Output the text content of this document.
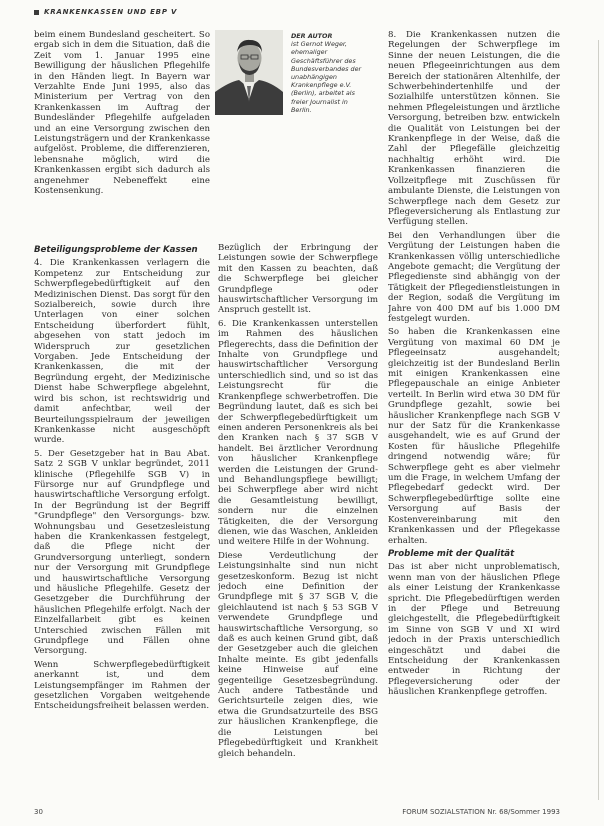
KRANKENKASSEN UND EBP V

beim einem Bundesland gescheitert. So ergab sich in dem die Situation, daß die Zeit vom 1. Januar 1995 eine Bewilligung der häuslichen Pflegehilfe in den Händen liegt. In Bayern war Verzahlte Ende Juni 1995, also das Ministerium per Vertrag von den Krankenkassen im Auftrag der Bundesländer Pflegehilfe aufgeladen und an eine Versorgung zwischen den Leistungsträgern und der Krankenkasse aufgelöst. Probleme, die differenzieren, lebensnahe möglich, wird die Krankenkassen ergibt sich dadurch als angenehmer Nebeneffekt eine Kostensenkung.

DER AUTOR
ist Gernot Weger, ehemaliger Geschäftsführer des Bundesverbandes der unabhängigen Krankenpflege e.V. (Berlin), arbeitet als freier Journalist in Berlin.
Beteiligungsprobleme der Kassen

4. Die Krankenkassen verlagern die Kompetenz zur Entscheidung zur Schwerpflegebedürftigkeit auf den Medizinischen Dienst. Das sorgt für den Sozialbereich, sowie durch ihre Unterlagen von einer solchen Entscheidung überfordert fühlt, abgesehen von statt jedoch im Widerspruch zur gesetzlichen Vorgaben. Jede Entscheidung der Krankenkassen, die mit der Begründung ergeht, der Medizinische Dienst habe Schwerpflege abgelehnt, wird bis schon, ist rechtswidrig und damit anfechtbar, weil der Beurteilungsspielraum der jeweiligen Krankenkasse nicht ausgeschöpft wurde.

5. Der Gesetzgeber hat in Bau Abat. Satz 2 SGB V unklar begründet, 2011 klinische (Pflegehilfe SGB V) in Fürsorge nur auf Grundpflege und hauswirtschaftliche Versorgung erfolgt. In der Begründung ist der Begriff "Grundpflege" den Versorgungs- bzw. Wohnungsbau und Gesetzesleistung haben die Krankenkassen festgelegt, daß die Pflege nicht der Grundversorgung unterliegt, sondern nur der Versorgung mit Grundpflege und hauswirtschaftliche Versorgung und häusliche Pflegehilfe. Gesetz der Gesetzgeber die Durchführung der häuslichen Pflegehilfe erfolgt. Nach der Einzelfallarbeit gibt es keinen Unterschied zwischen Fällen mit Grundpflege und Fällen ohne Versorgung.

Wenn Schwerpflegebedürftigkeit anerkannt ist, und dem Leistungsempfänger im Rahmen der gesetzlichen Vorgaben weitgehende Entscheidungsfreiheit belassen werden.

Bezüglich der Erbringung der Leistungen sowie der Schwerpflege mit den Kassen zu beachten, daß die Schwerpflege bei gleicher Grundpflege oder hauswirtschaftlicher Versorgung im Anspruch gestellt ist.

6. Die Krankenkassen unterstellen im Rahmen des häuslichen Pflegerechts, dass die Definition der Inhalte von Grundpflege und hauswirtschaftlicher Versorgung unterschiedlich sind, und so ist das Leistungsrecht für die Krankenpflege schwerbetroffen. Die Begründung lautet, daß es sich bei der Schwerpflegebedürftigkeit um einen anderen Personenkreis als bei den Kranken nach § 37 SGB V handelt. Bei ärztlicher Verordnung von häuslicher Krankenpflege werden die Leistungen der Grund- und Behandlungspflege bewilligt; bei Schwerpflege aber wird nicht die Gesamtleistung bewilligt, sondern nur die einzelnen Tätigkeiten, die der Versorgung dienen, wie das Waschen, Ankleiden und weitere Hilfe in der Wohnung.

Diese Verdeutlichung der Leistungsinhalte sind nun nicht gesetzeskonform. Bezug ist nicht jedoch eine Definition der Grundpflege mit § 37 SGB V, die gleichlautend ist nach § 53 SGB V verwendete Grundpflege und hauswirtschaftliche Versorgung, so daß es auch keinen Grund gibt, daß der Gesetzgeber auch die gleichen Inhalte meinte. Es gibt jedenfalls keine Hinweise auf eine gegenteilige Gesetzesbegründung. Auch andere Tatbestände und Gerichtsurteile zeigen dies, wie etwa die Grundsatzurteile des BSG zur häuslichen Krankenpflege, die die Leistungen bei Pflegebedürftigkeit und Krankheit gleich behandeln.

8. Die Krankenkassen nutzen die Regelungen der Schwerpflege im Sinne der neuen Leistungen, die die neuen Pflegeeinrichtungen aus dem Bereich der stationären Altenhilfe, der Schwerbehindertenhilfe und der Sozialhilfe unterstützen können. Sie nehmen Pflegeleistungen und ärztliche Versorgung, betreiben bzw. entwickeln die Qualität von Leistungen bei der Krankenpflege in der Weise, daß die Zahl der Pflegefälle gleichzeitig nachhaltig erhöht wird. Die Krankenkassen finanzieren die Vollzeitpflege mit Zuschüssen für ambulante Dienste, die Leistungen von Schwerpflege nach dem Gesetz zur Pflegeversicherung als Entlastung zur Verfügung stellen.

Bei den Verhandlungen über die Vergütung der Leistungen haben die Krankenkassen völlig unterschiedliche Angebote gemacht; die Vergütung der Pflegedienste sind abhängig von der Tätigkeit der Pflegedienstleistungen in der Region, sodaß die Vergütung im Jahre von 400 DM auf bis 1.000 DM festgelegt wurden.

So haben die Krankenkassen eine Vergütung von maximal 60 DM je Pflegeeinsatz ausgehandelt; gleichzeitig ist der Bundesland Berlin mit einigen Krankenkassen eine Pflegepauschale an einige Anbieter verteilt. In Berlin wird etwa 30 DM für Grundpflege gezahlt, sowie bei häuslicher Krankenpflege nach SGB V nur der Satz für die Krankenkasse ausgehandelt, wie es auf Grund der Kosten für häusliche Pflegehilfe dringend notwendig wäre; für Schwerpflege geht es aber vielmehr um die Frage, in welchem Umfang der Pflegebedarf gedeckt wird. Der Schwerpflegebedürftige sollte eine Versorgung auf Basis der Kostenvereinbarung mit den Krankenkassen und der Pflegekasse erhalten.

Probleme mit der Qualität

Das ist aber nicht unproblematisch, wenn man von der häuslichen Pflege als einer Leistung der Krankenkasse spricht. Die Pflegebedürftigen werden in der Pflege und Betreuung gleichgestellt, die Pflegebedürftigkeit im Sinne von SGB V und XI wird jedoch in der Praxis unterschiedlich eingeschätzt und dabei die Entscheidung der Krankenkassen entweder in Richtung der Pflegeversicherung oder der häuslichen Krankenpflege getroffen.

30	FORUM SOZIALSTATION Nr. 68/Sommer 1993
